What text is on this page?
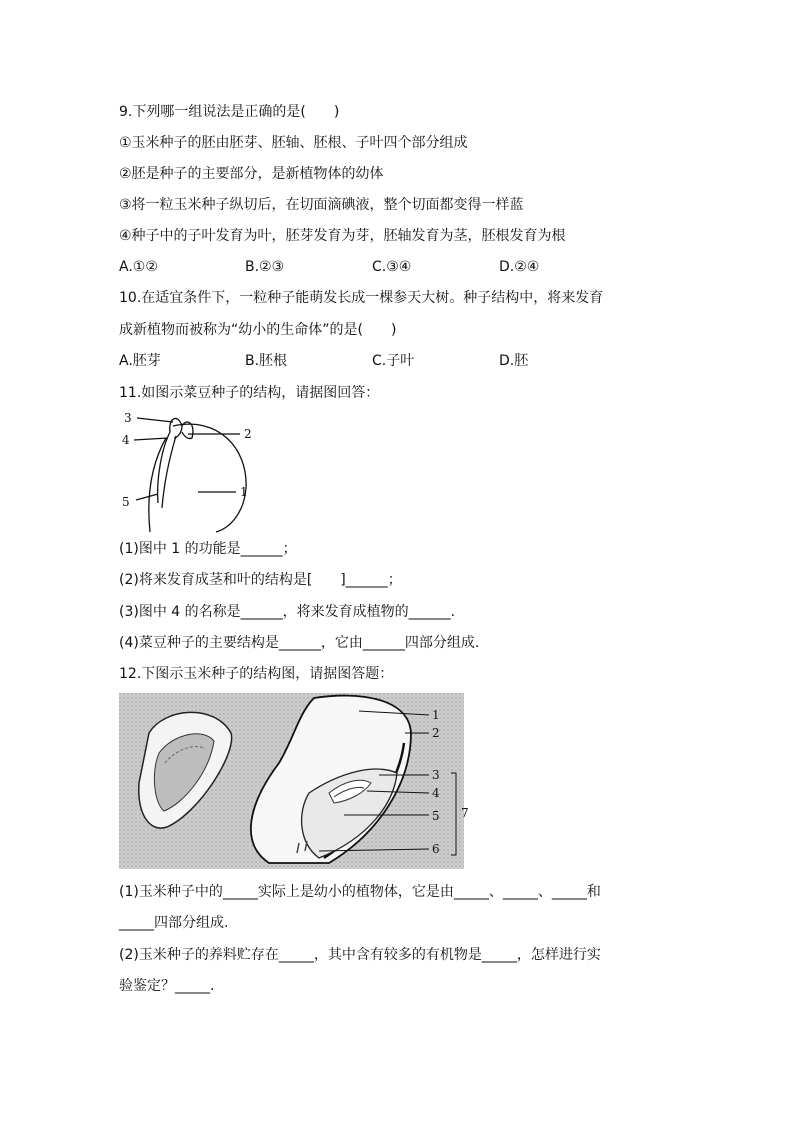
9.下列哪一组说法是正确的是(　　)

①玉米种子的胚由胚芽、胚轴、胚根、子叶四个部分组成

②胚是种子的主要部分，是新植物体的幼体

③将一粒玉米种子纵切后，在切面滴碘液，整个切面都变得一样蓝

④种子中的子叶发育为叶，胚芽发育为芽，胚轴发育为茎，胚根发育为根

A.①②	B.②③	C.③④	D.②④

10.在适宜条件下，一粒种子能萌发长成一棵参天大树。种子结构中，将来发育

成新植物而被称为“幼小的生命体”的是(　　)

A.胚芽	B.胚根	C.子叶	D.胚

11.如图示菜豆种子的结构，请据图回答：

3
4	2
1
5

(1)图中 1 的功能是______；

(2)将来发育成茎和叶的结构是[　　]______；

(3)图中 4 的名称是______，将来发育成植物的______.

(4)菜豆种子的主要结构是______，它由______四部分组成.

12.下图示玉米种子的结构图，请据图答题：

1
2
3
4
5
6
7

(1)玉米种子中的_____实际上是幼小的植物体，它是由_____、_____、_____和

_____四部分组成.

(2)玉米种子的养料贮存在_____，其中含有较多的有机物是_____，怎样进行实

验鉴定？_____.
